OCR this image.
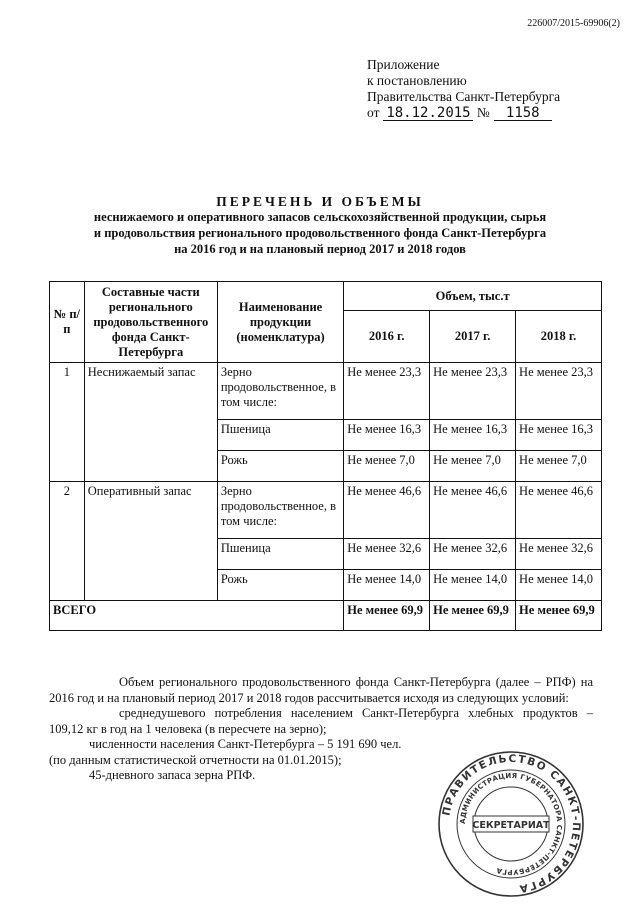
226007/2015-69906(2)
Приложение
к постановлению
Правительства Санкт-Петербурга
от 18.12.2015 № 1158
ПЕРЕЧЕНЬ И ОБЪЕМЫ
неснижаемого и оперативного запасов сельскохозяйственной продукции, сырья
и продовольствия регионального продовольственного фонда Санкт-Петербурга
на 2016 год и на плановый период 2017 и 2018 годов
№ п/п	Составные части регионального продовольственного фонда Санкт-Петербурга	Наименование продукции (номенклатура)	Объем, тыс.т		
			2016 г.	2017 г.	2018 г.
1	Неснижаемый запас	Зерно продовольственное, в том числе:	Не менее 23,3	Не менее 23,3	Не менее 23,3
		Пшеница	Не менее 16,3	Не менее 16,3	Не менее 16,3
		Рожь	Не менее 7,0	Не менее 7,0	Не менее 7,0
2	Оперативный запас	Зерно продовольственное, в том числе:	Не менее 46,6	Не менее 46,6	Не менее 46,6
		Пшеница	Не менее 32,6	Не менее 32,6	Не менее 32,6
		Рожь	Не менее 14,0	Не менее 14,0	Не менее 14,0
ВСЕГО			Не менее 69,9	Не менее 69,9	Не менее 69,9

Объем регионального продовольственного фонда Санкт-Петербурга (далее – РПФ) на 2016 год и на плановый период 2017 и 2018 годов рассчитывается исходя из следующих условий:

среднедушевого потребления населением Санкт-Петербурга хлебных продуктов – 109,12 кг в год на 1 человека (в пересчете на зерно);

численности населения Санкт-Петербурга – 5 191 690 чел.

(по данным статистической отчетности на 01.01.2015);

45-дневного запаса зерна РПФ.

ПРАВИТЕЛЬСТВО САНКТ-ПЕТЕРБУРГА
АДМИНИСТРАЦИЯ ГУБЕРНАТОРА САНКТ-ПЕТЕРБУРГА
СЕКРЕТАРИАТ
